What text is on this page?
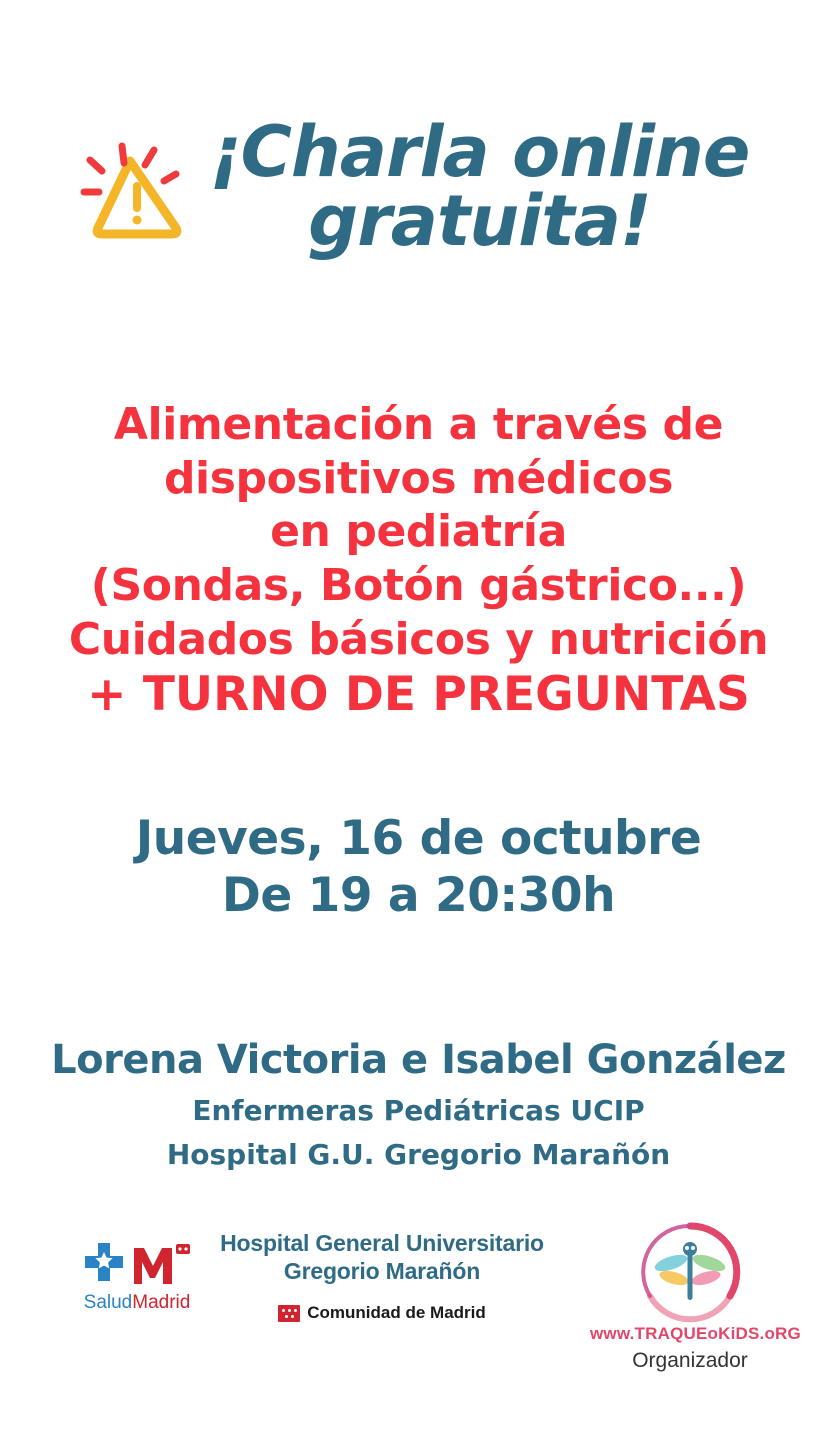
¡Charla online gratuita!
Alimentación a través de
dispositivos médicos
en pediatría
(Sondas, Botón gástrico...)
Cuidados básicos y nutrición
+ TURNO DE PREGUNTAS
Jueves, 16 de octubre
De 19 a 20:30h
Lorena Victoria e Isabel González
Enfermeras Pediátricas UCIP
Hospital G.U. Gregorio Marañón
SaludMadrid
Hospital General Universitario
Gregorio Marañón
Comunidad de Madrid
www.TRAQUEoKiDS.oRG
Organizador
